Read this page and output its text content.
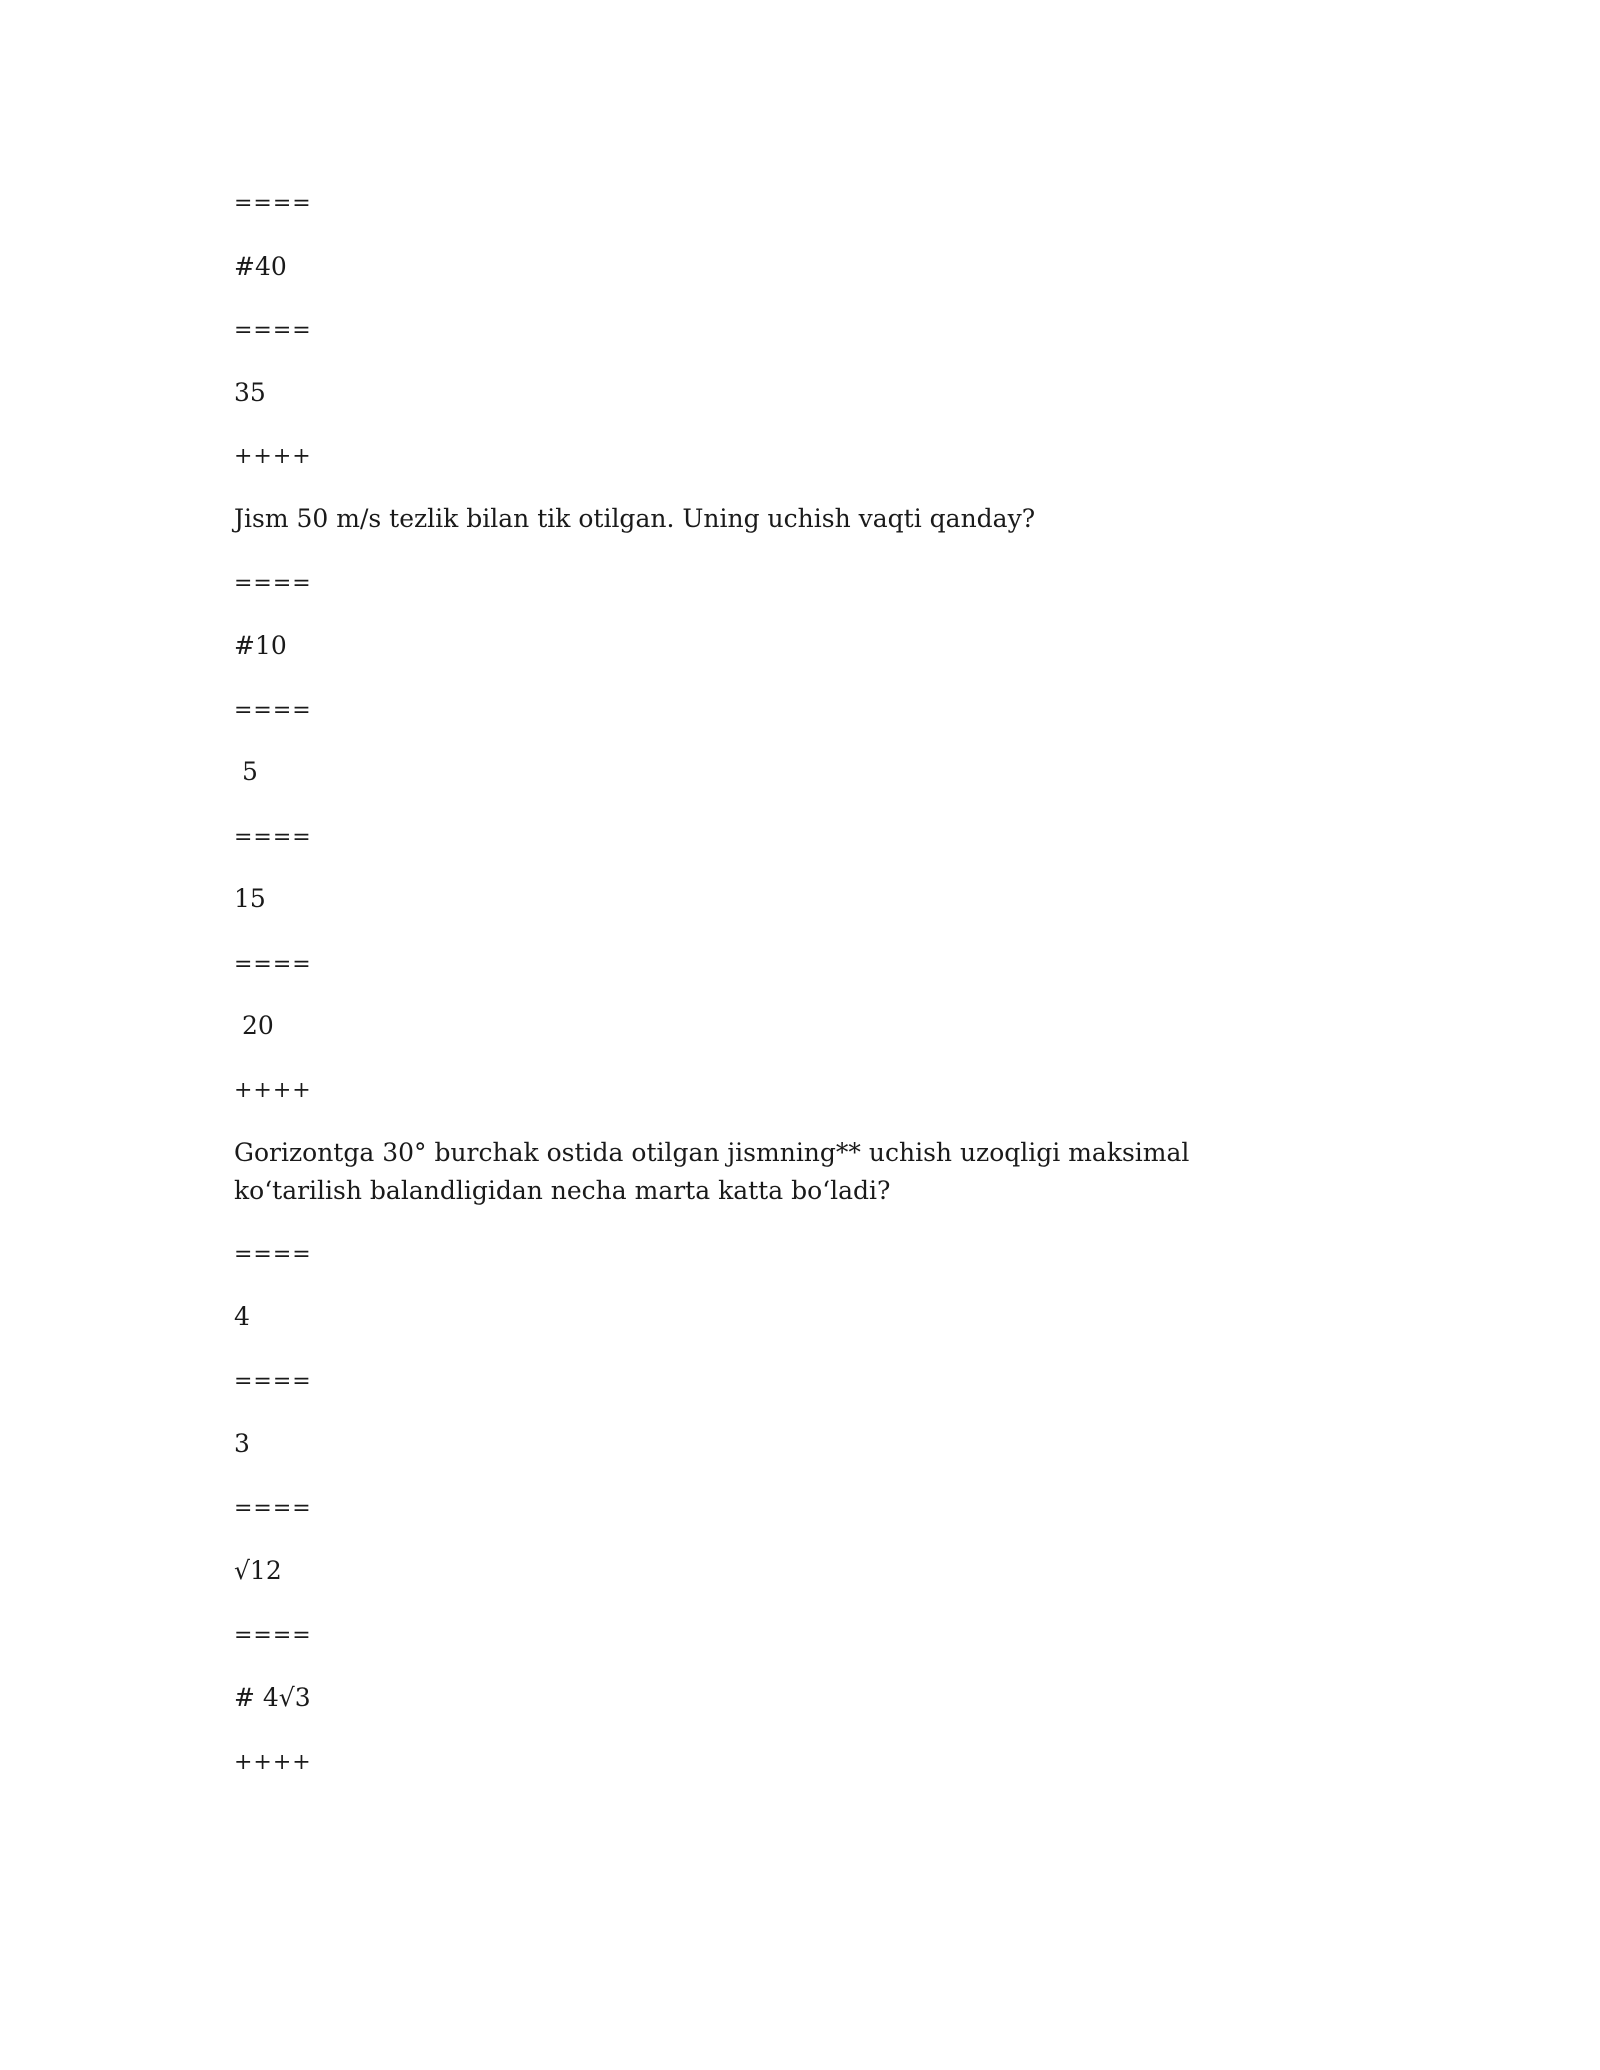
====
#40
====
35
++++
Jism 50 m/s tezlik bilan tik otilgan. Uning uchish vaqti qanday?
====
#10
====
5
====
15
====
20
++++
Gorizontga 30° burchak ostida otilgan jismning** uchish uzoqligi maksimal ko‘tarilish balandligidan necha marta katta bo‘ladi?
====
4
====
3
====
√12
====
# 4√3
++++
